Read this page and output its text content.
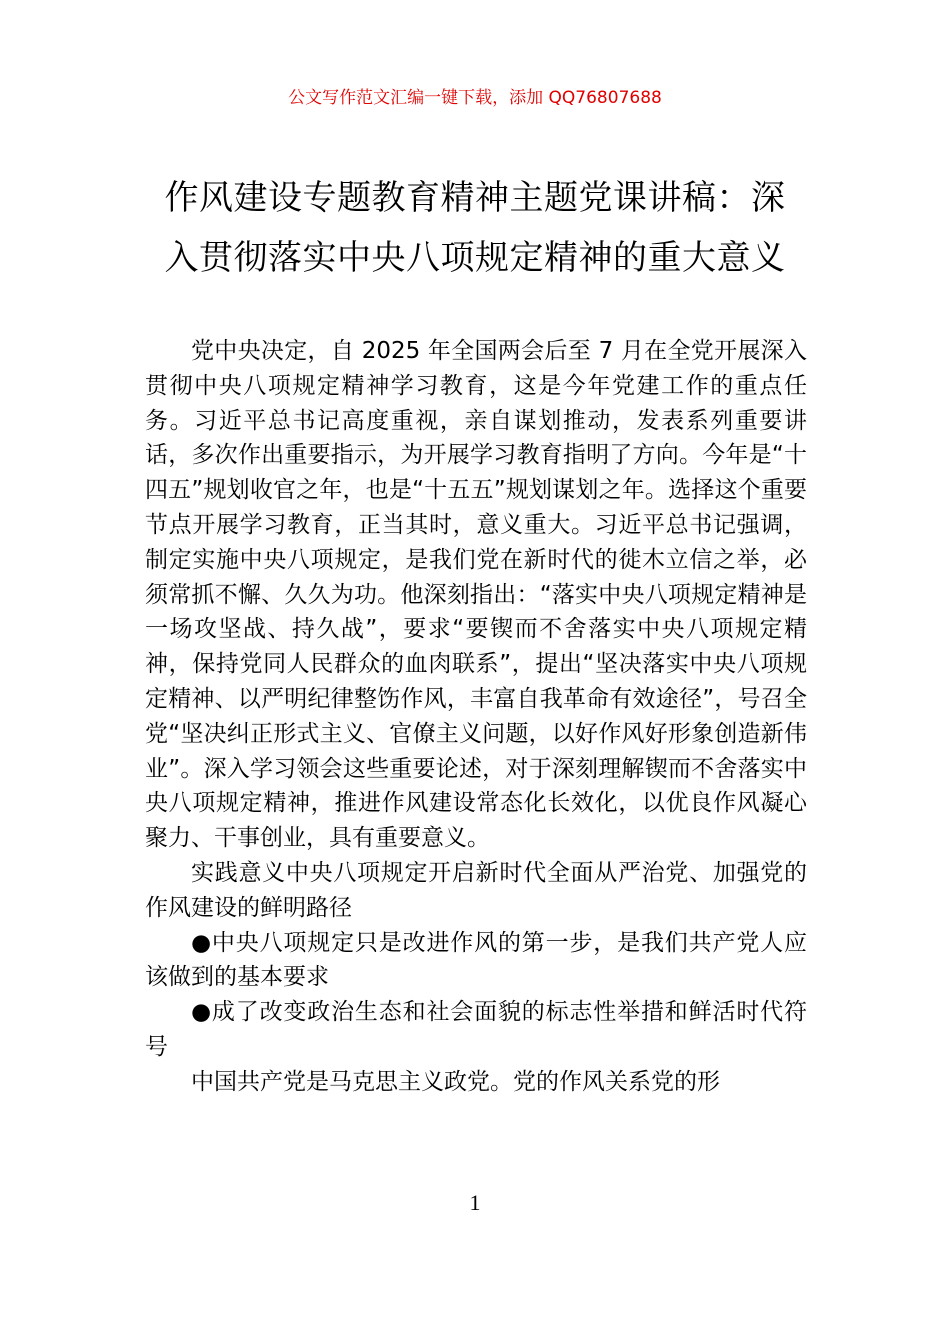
公文写作范文汇编一键下载，添加 QQ76807688
作风建设专题教育精神主题党课讲稿：深
入贯彻落实中央八项规定精神的重大意义

党中央决定，自 2025 年全国两会后至 7 月在全党开展深入贯彻中央八项规定精神学习教育，这是今年党建工作的重点任务。习近平总书记高度重视，亲自谋划推动，发表系列重要讲话，多次作出重要指示，为开展学习教育指明了方向。今年是“十四五”规划收官之年，也是“十五五”规划谋划之年。选择这个重要节点开展学习教育，正当其时，意义重大。习近平总书记强调，制定实施中央八项规定，是我们党在新时代的徙木立信之举，必须常抓不懈、久久为功。他深刻指出：“落实中央八项规定精神是一场攻坚战、持久战”，要求“要锲而不舍落实中央八项规定精神，保持党同人民群众的血肉联系”，提出“坚决落实中央八项规定精神、以严明纪律整饬作风，丰富自我革命有效途径”，号召全党“坚决纠正形式主义、官僚主义问题，以好作风好形象创造新伟业”。深入学习领会这些重要论述，对于深刻理解锲而不舍落实中央八项规定精神，推进作风建设常态化长效化，以优良作风凝心聚力、干事创业，具有重要意义。

实践意义中央八项规定开启新时代全面从严治党、加强党的作风建设的鲜明路径

●中央八项规定只是改进作风的第一步，是我们共产党人应该做到的基本要求

●成了改变政治生态和社会面貌的标志性举措和鲜活时代符号

中国共产党是马克思主义政党。党的作风关系党的形

1
